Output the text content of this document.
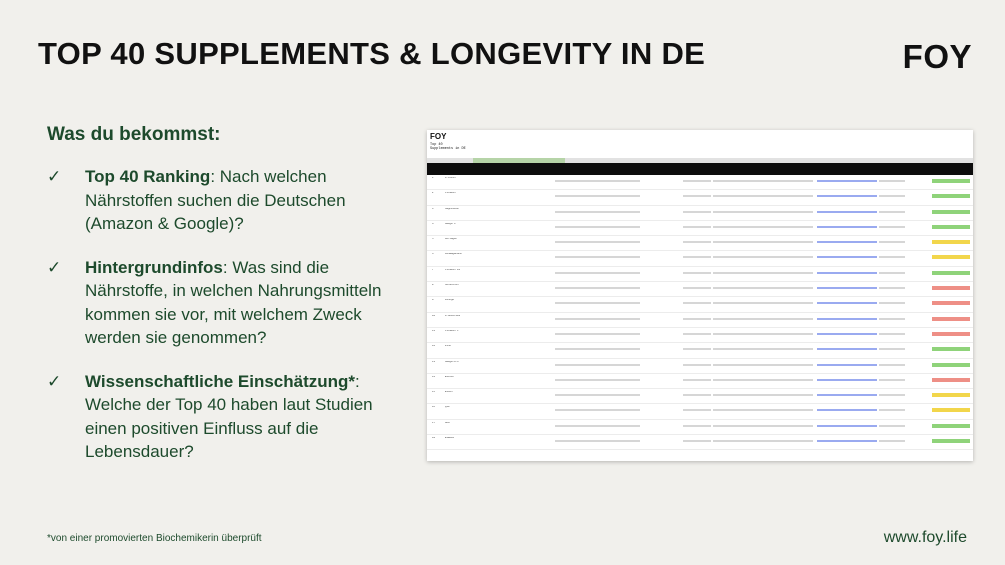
TOP 40 SUPPLEMENTS & LONGEVITY IN DE	FOY
Was du bekommst:
✓ Top 40 Ranking: Nach welchen Nährstoffen suchen die Deutschen (Amazon & Google)?
✓ Hintergrundinfos: Was sind die Nährstoffe, in welchen Nahrungsmitteln kommen sie vor, mit welchem Zweck werden sie genommen?
✓ Wissenschaftliche Einschätzung*: Welche der Top 40 haben laut Studien einen positiven Einfluss auf die Lebensdauer?
FOY
Top 40 Supplements in DE
1	Protein
2	Vitamin
3	Magnesium
4	Omega 3
5	Kollagen
6	Ashwagandha
7	Vitamin D3
8	Melatonin
9	Ginkgo
10	Probiotika
11	Vitamin C
12	Zink
13	Omega-3/6
14	Biotin
15	Eisen
16	Q10
17	NMN
18	Eiweiß
*von einer promovierten Biochemikerin überprüft	www.foy.life
